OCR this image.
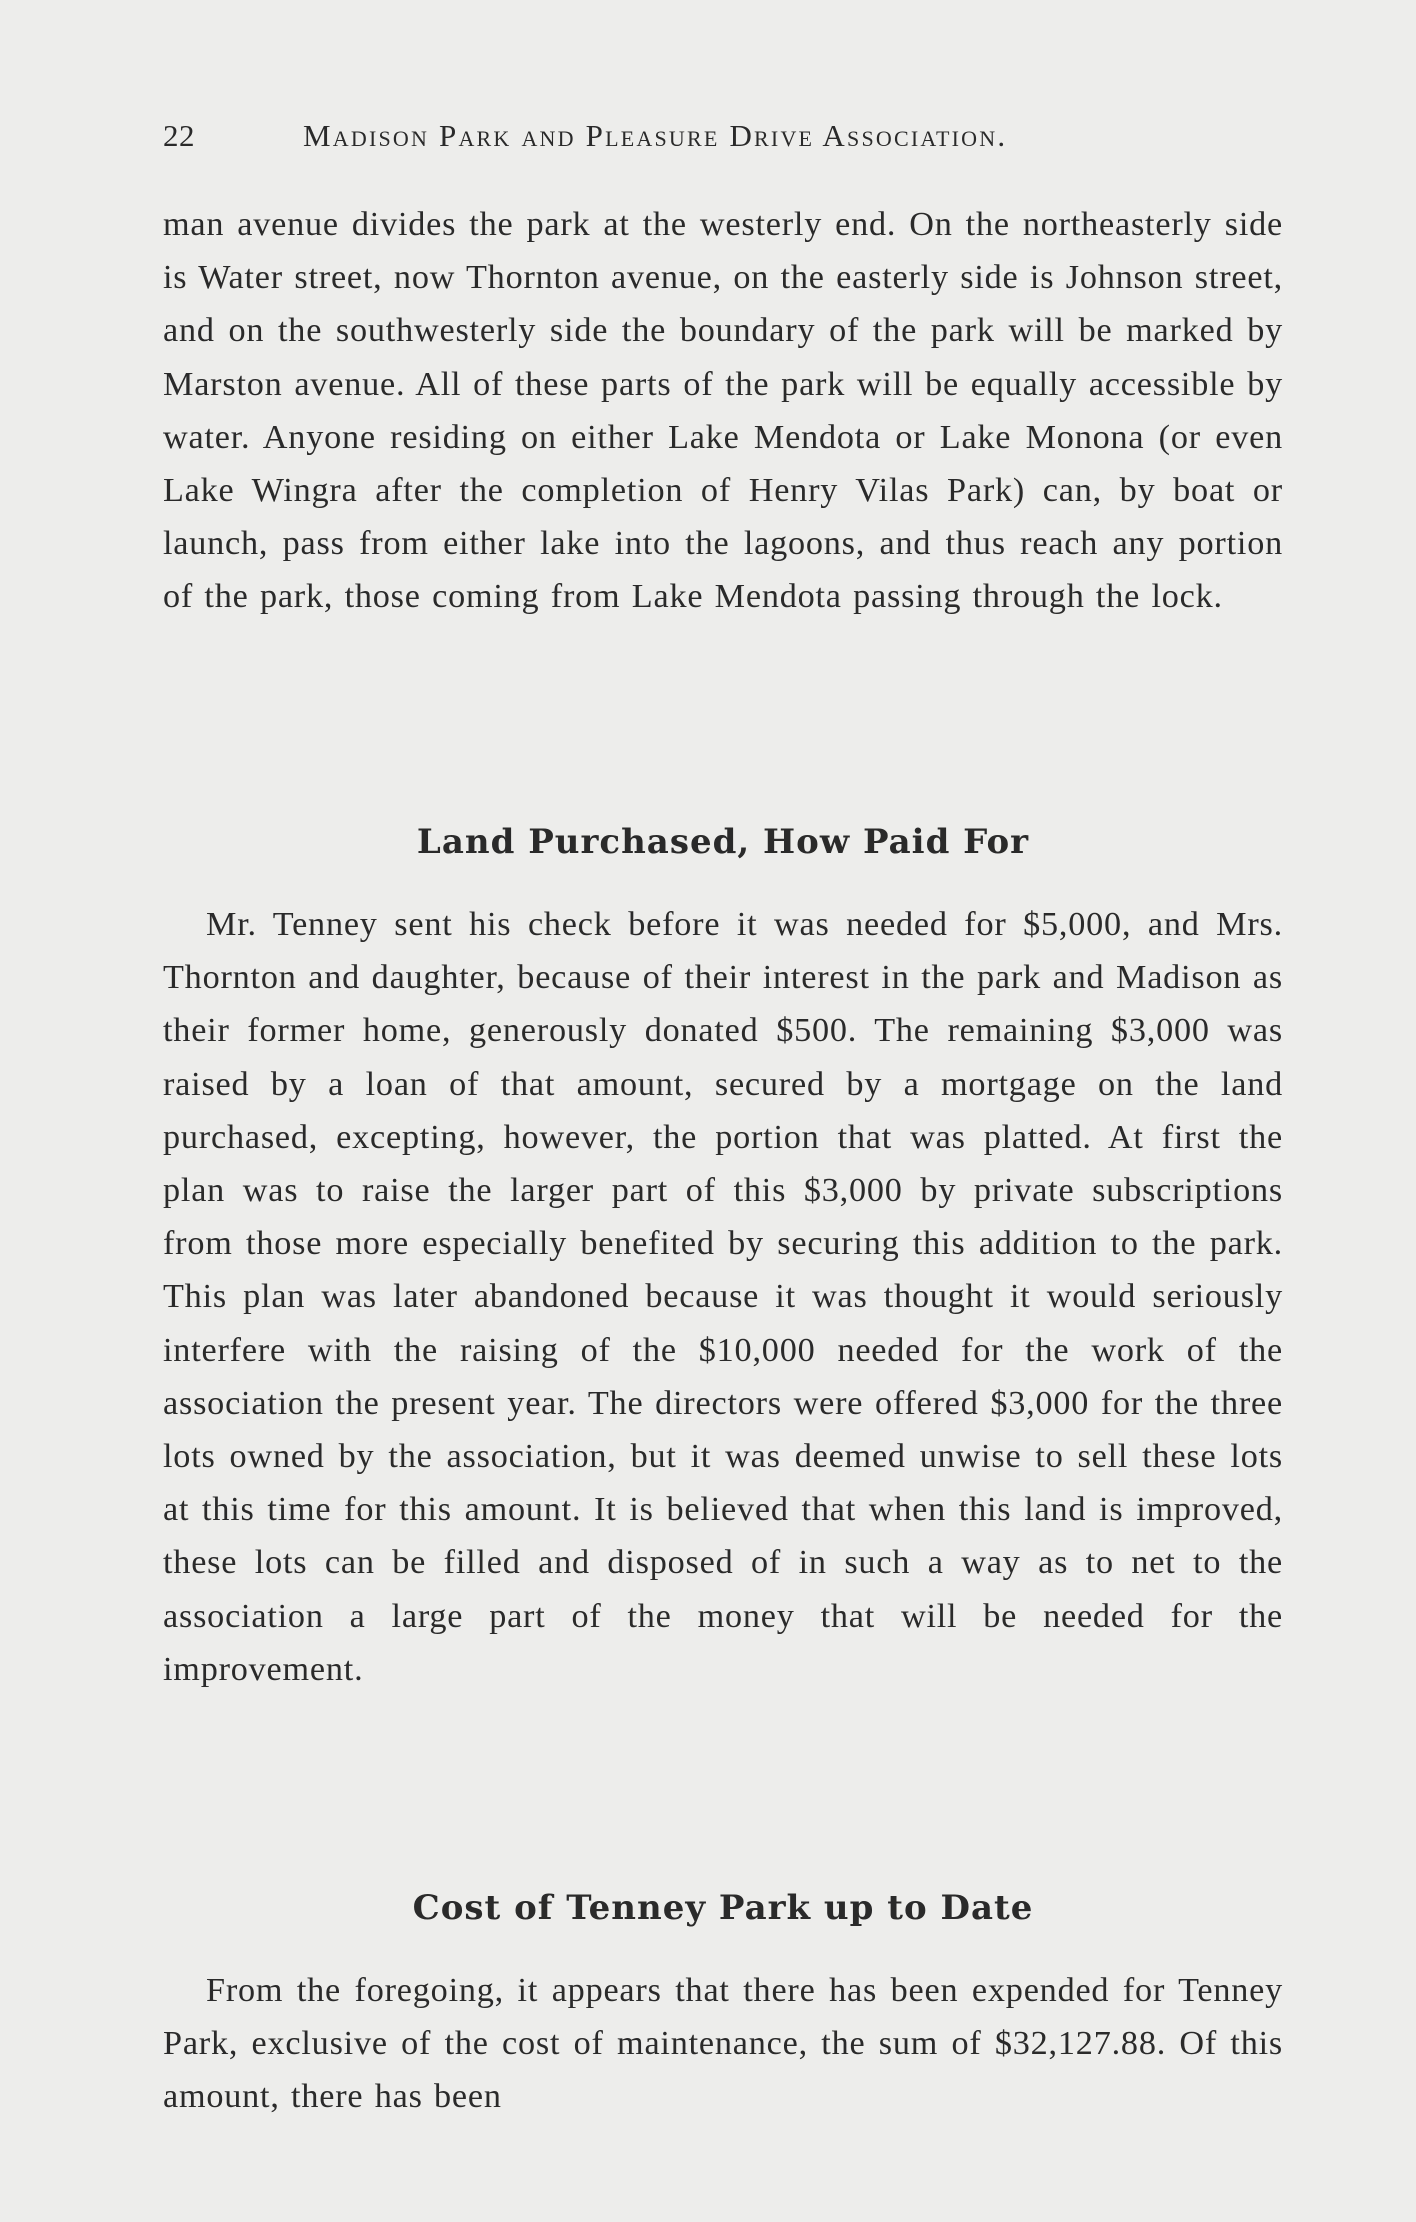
22	Madison Park and Pleasure Drive Association.

man avenue divides the park at the westerly end. On the northeasterly side is Water street, now Thornton avenue, on the easterly side is Johnson street, and on the southwesterly side the boundary of the park will be marked by Marston avenue. All of these parts of the park will be equally accessible by water. Anyone residing on either Lake Mendota or Lake Monona (or even Lake Wingra after the completion of Henry Vilas Park) can, by boat or launch, pass from either lake into the lagoons, and thus reach any portion of the park, those coming from Lake Mendota passing through the lock.

Land Purchased, How Paid For

Mr. Tenney sent his check before it was needed for $5,000, and Mrs. Thornton and daughter, because of their interest in the park and Madison as their former home, generously donated $500. The remaining $3,000 was raised by a loan of that amount, secured by a mortgage on the land purchased, excepting, however, the portion that was platted. At first the plan was to raise the larger part of this $3,000 by private subscriptions from those more especially benefited by securing this addition to the park. This plan was later abandoned because it was thought it would seriously interfere with the raising of the $10,000 needed for the work of the association the present year. The directors were offered $3,000 for the three lots owned by the association, but it was deemed unwise to sell these lots at this time for this amount. It is believed that when this land is improved, these lots can be filled and disposed of in such a way as to net to the association a large part of the money that will be needed for the improvement.

Cost of Tenney Park up to Date

From the foregoing, it appears that there has been expended for Tenney Park, exclusive of the cost of maintenance, the sum of $32,127.88. Of this amount, there has been
